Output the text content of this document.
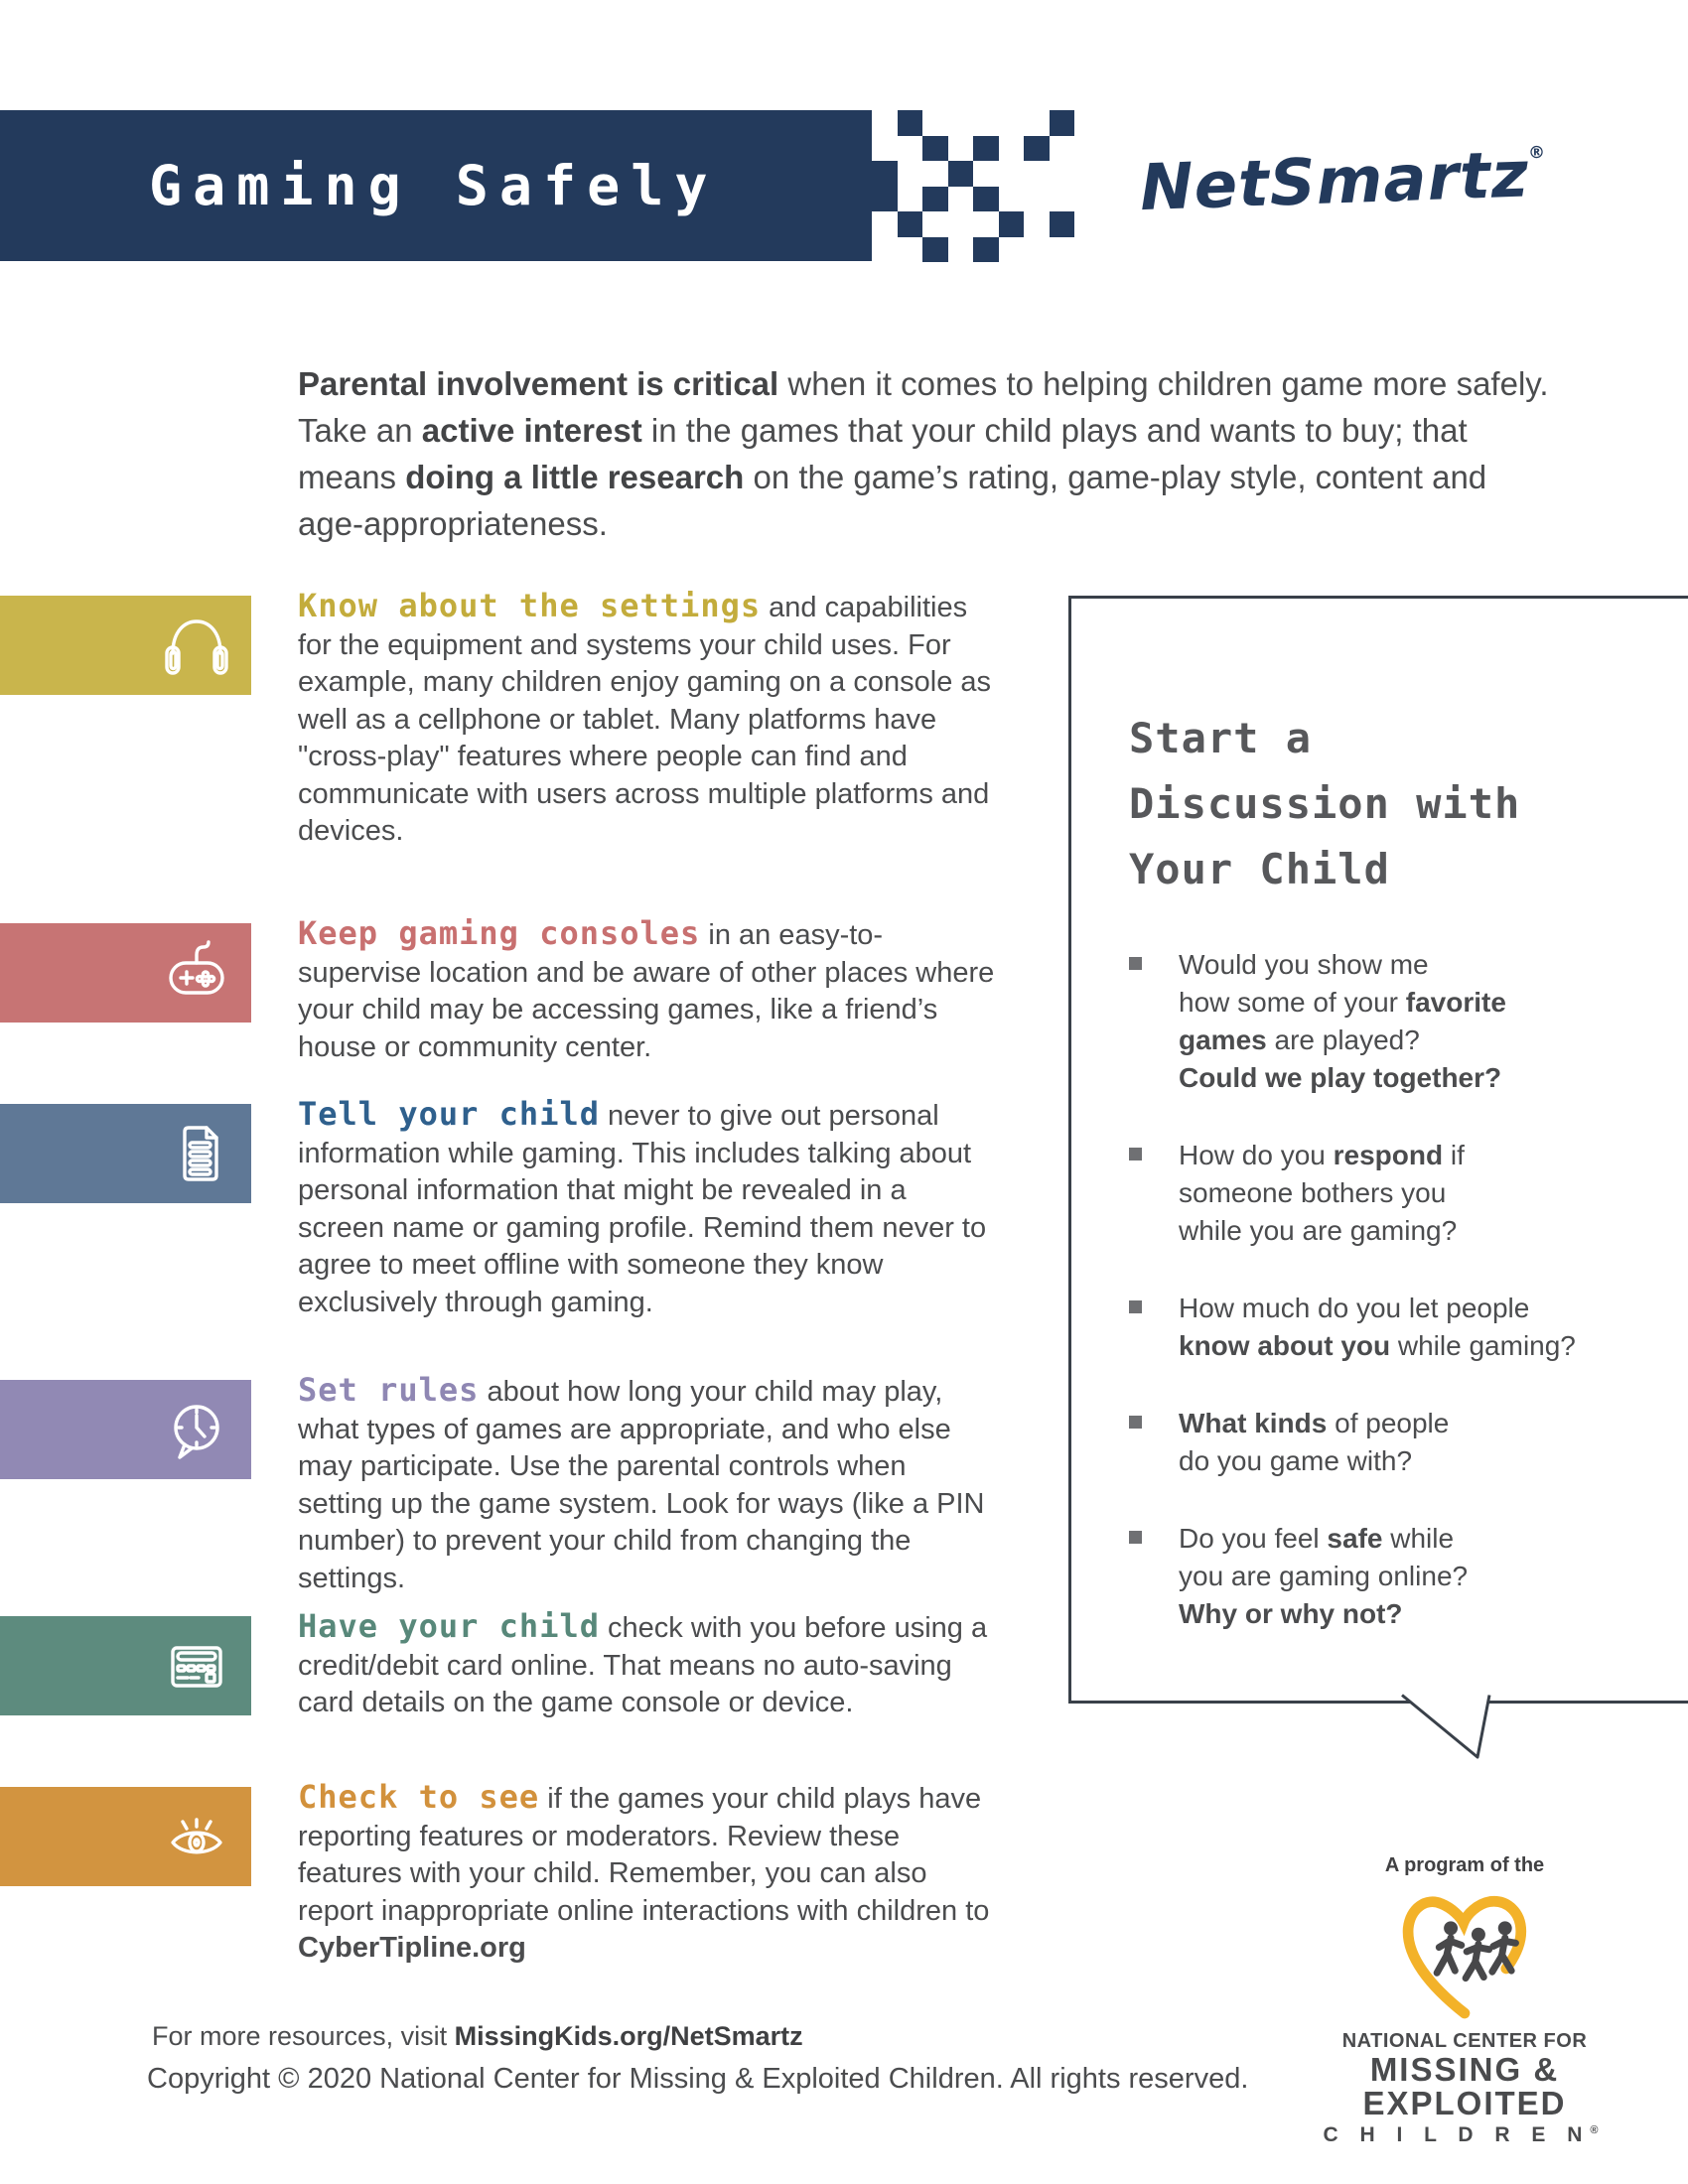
Gaming Safely	NetSmartz®

Parental involvement is critical when it comes to helping children game more safely. Take an active interest in the games that your child plays and wants to buy; that means doing a little research on the game’s rating, game-play style, content and age-appropriateness.

Know about the settings and capabilities for the equipment and systems your child uses. For example, many children enjoy gaming on a console as well as a cellphone or tablet. Many platforms have "cross-play" features where people can find and communicate with users across multiple platforms and devices.

Keep gaming consoles in an easy-to-supervise location and be aware of other places where your child may be accessing games, like a friend’s house or community center.

Tell your child never to give out personal information while gaming. This includes talking about personal information that might be revealed in a screen name or gaming profile. Remind them never to agree to meet offline with someone they know exclusively through gaming.

Set rules about how long your child may play, what types of games are appropriate, and who else may participate. Use the parental controls when setting up the game system. Look for ways (like a PIN number) to prevent your child from changing the settings.

Have your child check with you before using a credit/debit card online. That means no auto-saving card details on the game console or device.

Check to see if the games your child plays have reporting features or moderators. Review these features with your child. Remember, you can also report inappropriate online interactions with children to CyberTipline.org

Start a
Discussion with
Your Child
Would you show me
how some of your favorite
games are played?
Could we play together?
How do you respond if
someone bothers you
while you are gaming?
How much do you let people
know about you while gaming?
What kinds of people
do you game with?
Do you feel safe while
you are gaming online?
Why or why not?
For more resources, visit MissingKids.org/NetSmartz
Copyright © 2020 National Center for Missing & Exploited Children. All rights reserved.
A program of the
NATIONAL CENTER FOR
MISSING &
EXPLOITED
C H I L D R E N®
